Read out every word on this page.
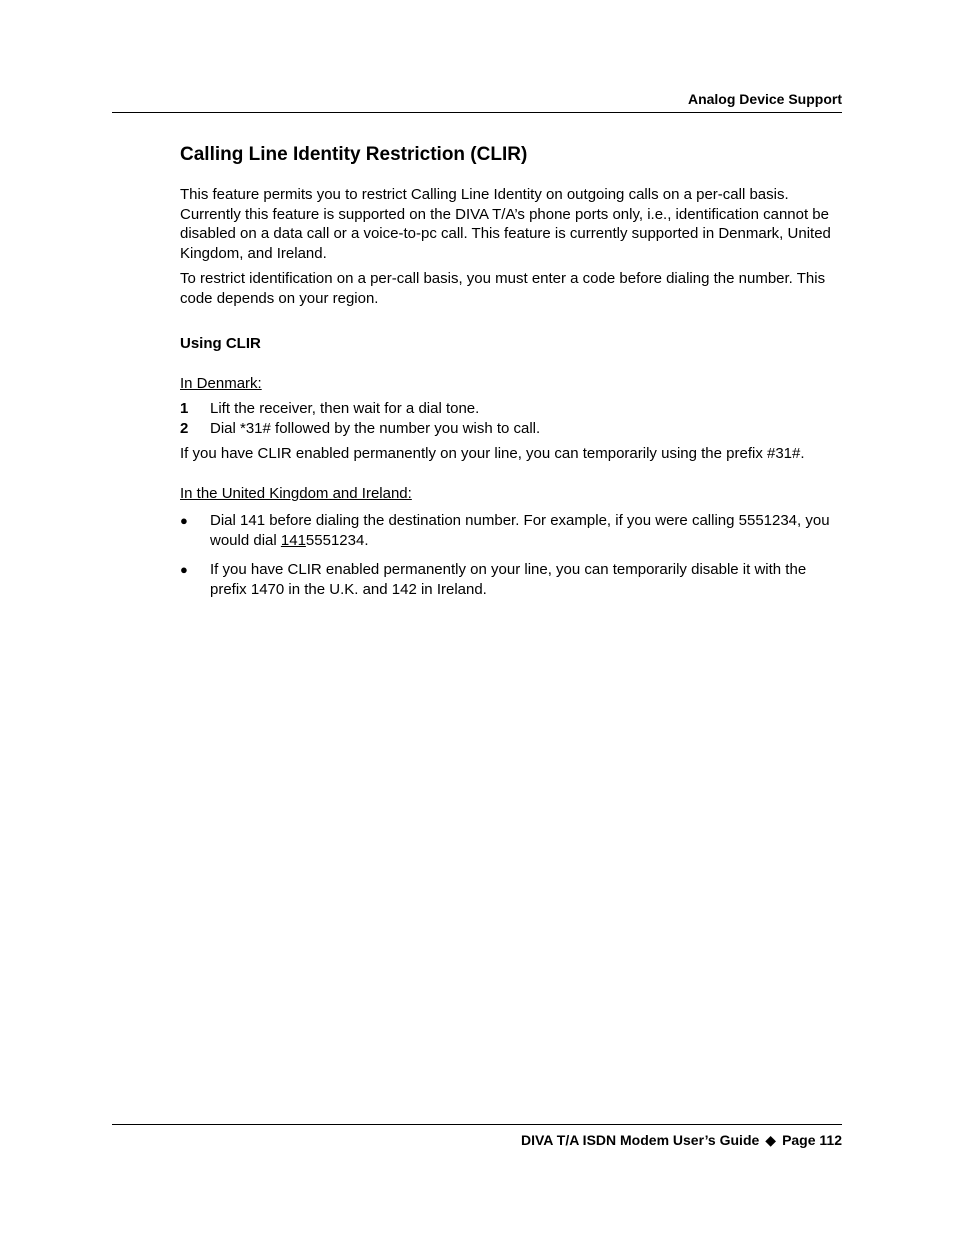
Analog Device Support
Calling Line Identity Restriction (CLIR)

This feature permits you to restrict Calling Line Identity on outgoing calls on a per-call basis. Currently this feature is supported on the DIVA T/A’s phone ports only, i.e., identification cannot be disabled on a data call or a voice-to-pc call. This feature is currently supported in Denmark, United Kingdom, and Ireland.

To restrict identification on a per-call basis, you must enter a code before dialing the number. This code depends on your region.

Using CLIR
In Denmark:
1	Lift the receiver, then wait for a dial tone.
2	Dial *31# followed by the number you wish to call.

If you have CLIR enabled permanently on your line, you can temporarily using the prefix #31#.

In the United Kingdom and Ireland:
●	Dial 141 before dialing the destination number. For example, if you were calling 5551234, you would dial 1415551234.
●	If you have CLIR enabled permanently on your line, you can temporarily disable it with the prefix 1470 in the U.K. and 142 in Ireland.
DIVA T/A ISDN Modem User’s Guide ◆ Page 112
